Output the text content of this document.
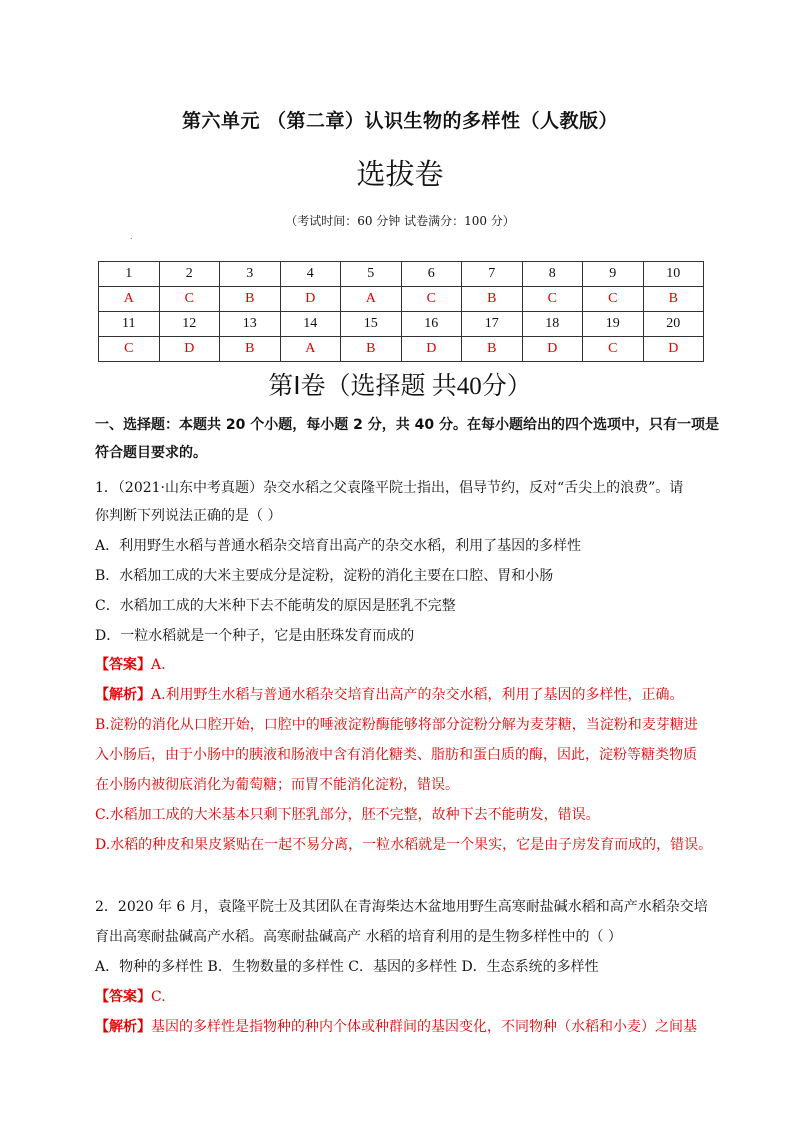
第六单元 （第二章）认识生物的多样性（人教版）
选拔卷
（考试时间：60 分钟 试卷满分：100 分）
.
1	2	3	4	5	6	7	8	9	10
A	C	B	D	A	C	B	C	C	B
11	12	13	14	15	16	17	18	19	20
C	D	B	A	B	D	B	D	C	D
第Ⅰ卷（选择题 共40分）
一、选择题：本题共 20 个小题，每小题 2 分，共 40 分。在每小题给出的四个选项中，只有一项是
符合题目要求的。
1．（2021·山东中考真题）杂交水稻之父袁隆平院士指出，倡导节约，反对“舌尖上的浪费”。请
你判断下列说法正确的是（ ）
A．利用野生水稻与普通水稻杂交培育出高产的杂交水稻，利用了基因的多样性
B．水稻加工成的大米主要成分是淀粉，淀粉的消化主要在口腔、胃和小肠
C．水稻加工成的大米种下去不能萌发的原因是胚乳不完整
D．一粒水稻就是一个种子，它是由胚珠发育而成的
【答案】A.
【解析】A.利用野生水稻与普通水稻杂交培育出高产的杂交水稻，利用了基因的多样性，正确。
B.淀粉的消化从口腔开始，口腔中的唾液淀粉酶能够将部分淀粉分解为麦芽糖，当淀粉和麦芽糖进
入小肠后，由于小肠中的胰液和肠液中含有消化糖类、脂肪和蛋白质的酶，因此，淀粉等糖类物质
在小肠内被彻底消化为葡萄糖；而胃不能消化淀粉，错误。
C.水稻加工成的大米基本只剩下胚乳部分，胚不完整，故种下去不能萌发，错误。
D.水稻的种皮和果皮紧贴在一起不易分离，一粒水稻就是一个果实，它是由子房发育而成的，错误。
2．2020 年 6 月，袁隆平院士及其团队在青海柴达木盆地用野生高寒耐盐碱水稻和高产水稻杂交培
育出高寒耐盐碱高产水稻。高寒耐盐碱高产 水稻的培育利用的是生物多样性中的（ ）
A．物种的多样性 B．生物数量的多样性 C．基因的多样性 D．生态系统的多样性
【答案】C.
【解析】基因的多样性是指物种的种内个体或种群间的基因变化，不同物种（水稻和小麦）之间基
